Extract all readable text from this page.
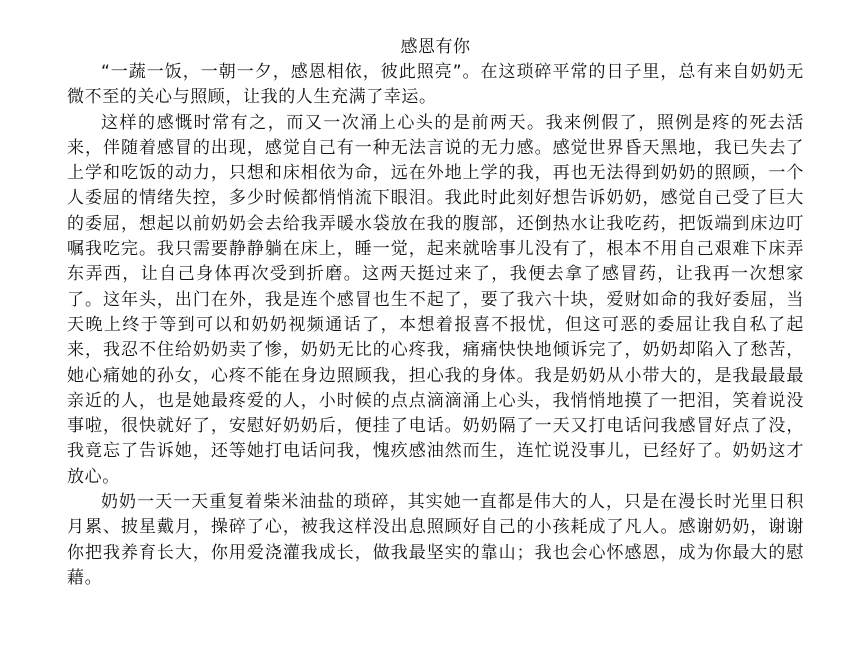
感恩有你

“一蔬一饭，一朝一夕，感恩相依，彼此照亮”。在这琐碎平常的日子里，总有来自奶奶无微不至的关心与照顾，让我的人生充满了幸运。

这样的感慨时常有之，而又一次涌上心头的是前两天。我来例假了，照例是疼的死去活来，伴随着感冒的出现，感觉自己有一种无法言说的无力感。感觉世界昏天黑地，我已失去了上学和吃饭的动力，只想和床相依为命，远在外地上学的我，再也无法得到奶奶的照顾，一个人委屈的情绪失控，多少时候都悄悄流下眼泪。我此时此刻好想告诉奶奶，感觉自己受了巨大的委屈，想起以前奶奶会去给我弄暖水袋放在我的腹部，还倒热水让我吃药，把饭端到床边叮嘱我吃完。我只需要静静躺在床上，睡一觉，起来就啥事儿没有了，根本不用自己艰难下床弄东弄西，让自己身体再次受到折磨。这两天挺过来了，我便去拿了感冒药，让我再一次想家了。这年头，出门在外，我是连个感冒也生不起了，要了我六十块，爱财如命的我好委屈，当天晚上终于等到可以和奶奶视频通话了，本想着报喜不报忧，但这可恶的委屈让我自私了起来，我忍不住给奶奶卖了惨，奶奶无比的心疼我，痛痛快快地倾诉完了，奶奶却陷入了愁苦，她心痛她的孙女，心疼不能在身边照顾我，担心我的身体。我是奶奶从小带大的，是我最最最亲近的人，也是她最疼爱的人，小时候的点点滴滴涌上心头，我悄悄地摸了一把泪，笑着说没事啦，很快就好了，安慰好奶奶后，便挂了电话。奶奶隔了一天又打电话问我感冒好点了没，我竟忘了告诉她，还等她打电话问我，愧疚感油然而生，连忙说没事儿，已经好了。奶奶这才放心。

奶奶一天一天重复着柴米油盐的琐碎，其实她一直都是伟大的人，只是在漫长时光里日积月累、披星戴月，操碎了心，被我这样没出息照顾好自己的小孩耗成了凡人。感谢奶奶，谢谢你把我养育长大，你用爱浇灌我成长，做我最坚实的靠山；我也会心怀感恩，成为你最大的慰藉。
